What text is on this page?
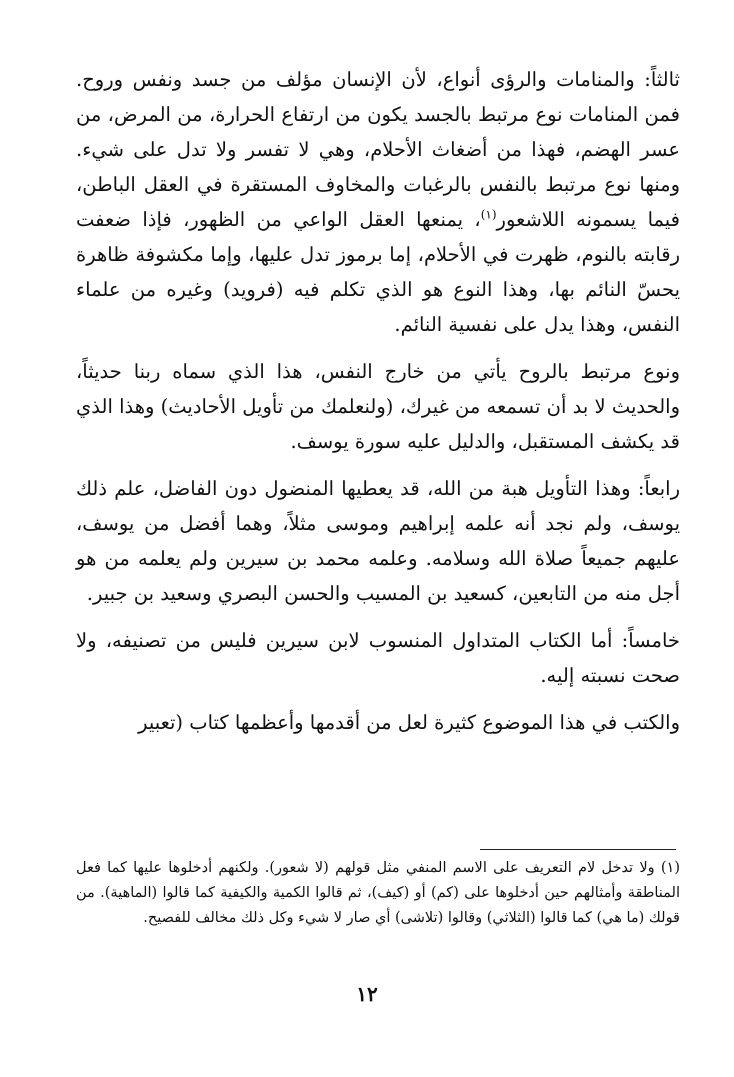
ثالثاً: والمنامات والرؤى أنواع، لأن الإنسان مؤلف من جسد ونفس وروح. فمن المنامات نوع مرتبط بالجسد يكون من ارتفاع الحرارة، من المرض، من عسر الهضم، فهذا من أضغاث الأحلام، وهي لا تفسر ولا تدل على شيء. ومنها نوع مرتبط بالنفس بالرغبات والمخاوف المستقرة في العقل الباطن، فيما يسمونه اللاشعور$^{(١)}$، يمنعها العقل الواعي من الظهور، فإذا ضعفت رقابته بالنوم، ظهرت في الأحلام، إما برموز تدل عليها، وإما مكشوفة ظاهرة يحسّ النائم بها، وهذا النوع هو الذي تكلم فيه (فرويد) وغيره من علماء النفس، وهذا يدل على نفسية النائم.

ونوع مرتبط بالروح يأتي من خارج النفس، هذا الذي سماه ربنا حديثاً، والحديث لا بد أن تسمعه من غيرك، (ولنعلمك من تأويل الأحاديث) وهذا الذي قد يكشف المستقبل، والدليل عليه سورة يوسف.

رابعاً: وهذا التأويل هبة من الله، قد يعطيها المنضول دون الفاضل، علم ذلك يوسف، ولم نجد أنه علمه إبراهيم وموسى مثلاً، وهما أفضل من يوسف، عليهم جميعاً صلاة الله وسلامه. وعلمه محمد بن سيرين ولم يعلمه من هو أجل منه من التابعين، كسعيد بن المسيب والحسن البصري وسعيد بن جبير.

خامساً: أما الكتاب المتداول المنسوب لابن سيرين فليس من تصنيفه، ولا صحت نسبته إليه.

والكتب في هذا الموضوع كثيرة لعل من أقدمها وأعظمها كتاب (تعبير

(١) ولا تدخل لام التعريف على الاسم المنفي مثل قولهم (لا شعور). ولكنهم أدخلوها عليها كما فعل المناطقة وأمثالهم حين أدخلوها على (كم) أو (كيف)، ثم قالوا الكمية والكيفية كما قالوا (الماهية). من قولك (ما هي) كما قالوا (الثلاثي) وقالوا (تلاشى) أي صار لا شيء وكل ذلك مخالف للفصيح.
١٢
